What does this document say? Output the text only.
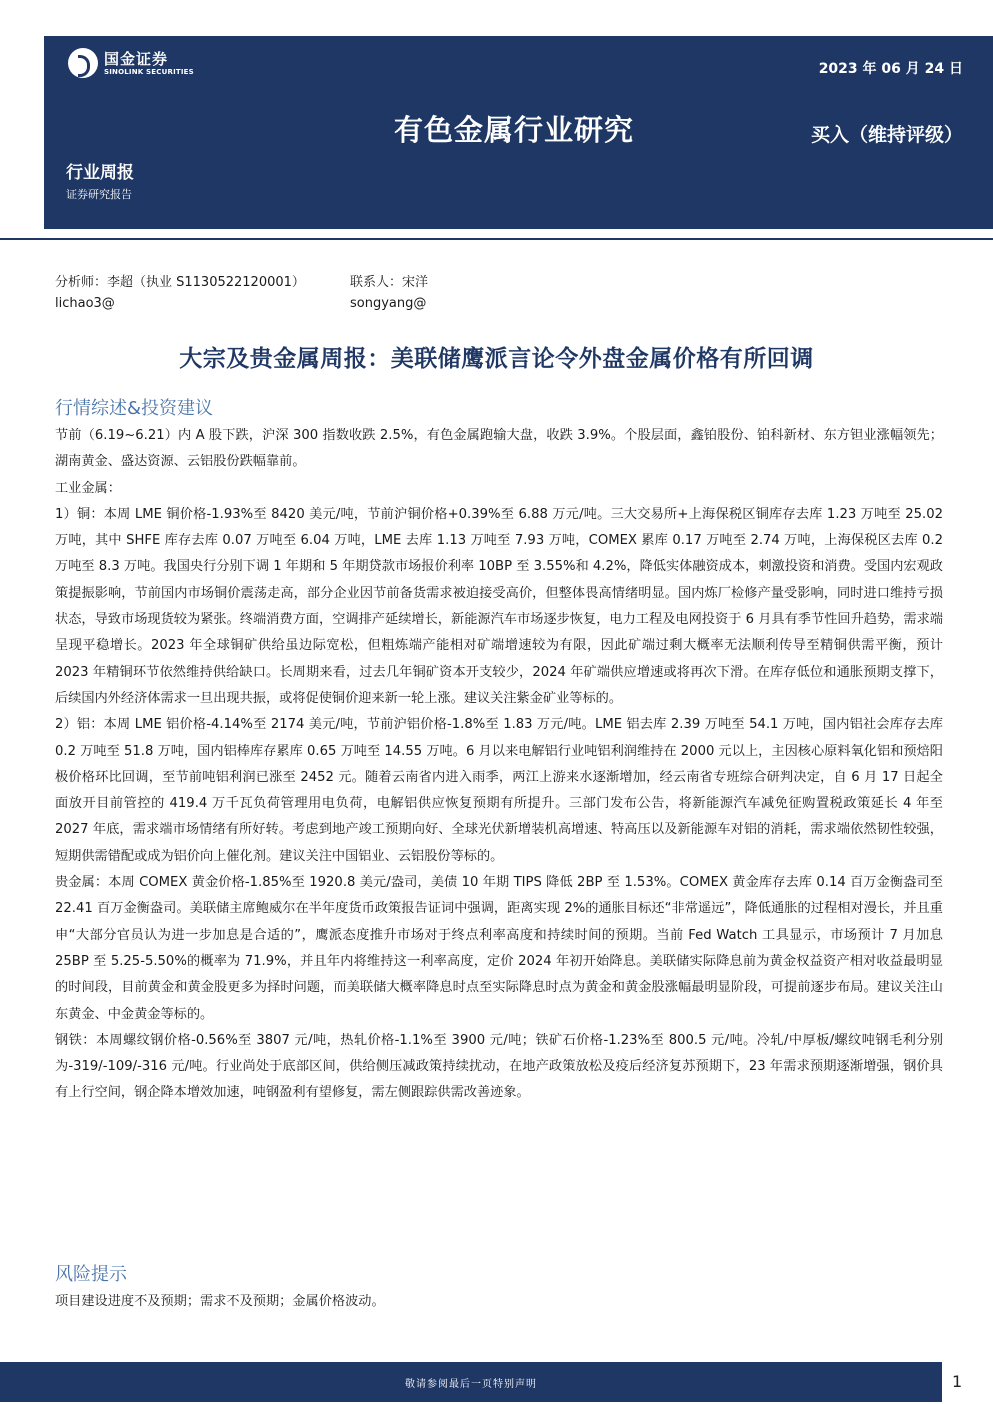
国金证券
SINOLINK SECURITIES	2023 年 06 月 24 日
有色金属行业研究	买入（维持评级）
行业周报
证券研究报告
分析师：李超（执业 S1130522120001）	联系人：宋洋
lichao3@	songyang@
大宗及贵金属周报：美联储鹰派言论令外盘金属价格有所回调
行情综述&投资建议

节前（6.19~6.21）内 A 股下跌，沪深 300 指数收跌 2.5%，有色金属跑输大盘，收跌 3.9%。个股层面，鑫铂股份、铂科新材、东方钽业涨幅领先；湖南黄金、盛达资源、云铝股份跌幅靠前。

工业金属：

1）铜：本周 LME 铜价格-1.93%至 8420 美元/吨，节前沪铜价格+0.39%至 6.88 万元/吨。三大交易所+上海保税区铜库存去库 1.23 万吨至 25.02 万吨，其中 SHFE 库存去库 0.07 万吨至 6.04 万吨，LME 去库 1.13 万吨至 7.93 万吨，COMEX 累库 0.17 万吨至 2.74 万吨，上海保税区去库 0.2 万吨至 8.3 万吨。我国央行分别下调 1 年期和 5 年期贷款市场报价利率 10BP 至 3.55%和 4.2%，降低实体融资成本，刺激投资和消费。受国内宏观政策提振影响，节前国内市场铜价震荡走高，部分企业因节前备货需求被迫接受高价，但整体畏高情绪明显。国内炼厂检修产量受影响，同时进口维持亏损状态，导致市场现货较为紧张。终端消费方面，空调排产延续增长，新能源汽车市场逐步恢复，电力工程及电网投资于 6 月具有季节性回升趋势，需求端呈现平稳增长。2023 年全球铜矿供给虽边际宽松，但粗炼端产能相对矿端增速较为有限，因此矿端过剩大概率无法顺利传导至精铜供需平衡，预计 2023 年精铜环节依然维持供给缺口。长周期来看，过去几年铜矿资本开支较少，2024 年矿端供应增速或将再次下滑。在库存低位和通胀预期支撑下，后续国内外经济体需求一旦出现共振，或将促使铜价迎来新一轮上涨。建议关注紫金矿业等标的。

2）铝：本周 LME 铝价格-4.14%至 2174 美元/吨，节前沪铝价格-1.8%至 1.83 万元/吨。LME 铝去库 2.39 万吨至 54.1 万吨，国内铝社会库存去库 0.2 万吨至 51.8 万吨，国内铝棒库存累库 0.65 万吨至 14.55 万吨。6 月以来电解铝行业吨铝利润维持在 2000 元以上，主因核心原料氧化铝和预焙阳极价格环比回调，至节前吨铝利润已涨至 2452 元。随着云南省内进入雨季，两江上游来水逐渐增加，经云南省专班综合研判决定，自 6 月 17 日起全面放开目前管控的 419.4 万千瓦负荷管理用电负荷，电解铝供应恢复预期有所提升。三部门发布公告，将新能源汽车减免征购置税政策延长 4 年至 2027 年底，需求端市场情绪有所好转。考虑到地产竣工预期向好、全球光伏新增装机高增速、特高压以及新能源车对铝的消耗，需求端依然韧性较强，短期供需错配或成为铝价向上催化剂。建议关注中国铝业、云铝股份等标的。

贵金属：本周 COMEX 黄金价格-1.85%至 1920.8 美元/盎司，美债 10 年期 TIPS 降低 2BP 至 1.53%。COMEX 黄金库存去库 0.14 百万金衡盎司至 22.41 百万金衡盎司。美联储主席鲍威尔在半年度货币政策报告证词中强调，距离实现 2%的通胀目标还“非常遥远”，降低通胀的过程相对漫长，并且重申“大部分官员认为进一步加息是合适的”，鹰派态度推升市场对于终点利率高度和持续时间的预期。当前 Fed Watch 工具显示，市场预计 7 月加息 25BP 至 5.25-5.50%的概率为 71.9%，并且年内将维持这一利率高度，定价 2024 年初开始降息。美联储实际降息前为黄金权益资产相对收益最明显的时间段，目前黄金和黄金股更多为择时问题，而美联储大概率降息时点至实际降息时点为黄金和黄金股涨幅最明显阶段，可提前逐步布局。建议关注山东黄金、中金黄金等标的。

钢铁：本周螺纹钢价格-0.56%至 3807 元/吨，热轧价格-1.1%至 3900 元/吨；铁矿石价格-1.23%至 800.5 元/吨。冷轧/中厚板/螺纹吨钢毛利分别为-319/-109/-316 元/吨。行业尚处于底部区间，供给侧压减政策持续扰动，在地产政策放松及疫后经济复苏预期下，23 年需求预期逐渐增强，钢价具有上行空间，钢企降本增效加速，吨钢盈利有望修复，需左侧跟踪供需改善迹象。

风险提示

项目建设进度不及预期；需求不及预期；金属价格波动。

敬请参阅最后一页特别声明	1
